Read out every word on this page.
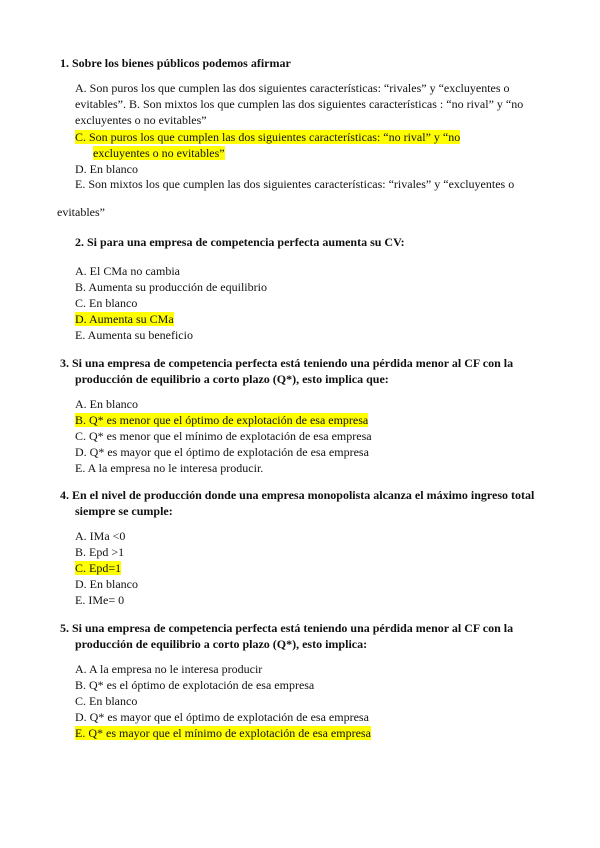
1. Sobre los bienes públicos podemos afirmar
A. Son puros los que cumplen las dos siguientes características: “rivales” y “excluyentes o
evitables”. B. Son mixtos los que cumplen las dos siguientes características : “no rival” y “no
excluyentes o no evitables”
C. Son puros los que cumplen las dos siguientes características: “no rival” y “no
excluyentes o no evitables”
D. En blanco
E. Son mixtos los que cumplen las dos siguientes características: “rivales” y “excluyentes o
evitables”
2. Si para una empresa de competencia perfecta aumenta su CV:
A. El CMa no cambia
B. Aumenta su producción de equilibrio
C. En blanco
D. Aumenta su CMa
E. Aumenta su beneficio
3. Si una empresa de competencia perfecta está teniendo una pérdida menor al CF con la
producción de equilibrio a corto plazo (Q*), esto implica que:
A. En blanco
B. Q* es menor que el óptimo de explotación de esa empresa
C. Q* es menor que el mínimo de explotación de esa empresa
D. Q* es mayor que el óptimo de explotación de esa empresa
E. A la empresa no le interesa producir.
4. En el nivel de producción donde una empresa monopolista alcanza el máximo ingreso total
siempre se cumple:
A. IMa <0
B. Epd >1
C. Epd=1
D. En blanco
E. IMe= 0
5. Si una empresa de competencia perfecta está teniendo una pérdida menor al CF con la
producción de equilibrio a corto plazo (Q*), esto implica:
A. A la empresa no le interesa producir
B. Q* es el óptimo de explotación de esa empresa
C. En blanco
D. Q* es mayor que el óptimo de explotación de esa empresa
E. Q* es mayor que el mínimo de explotación de esa empresa
